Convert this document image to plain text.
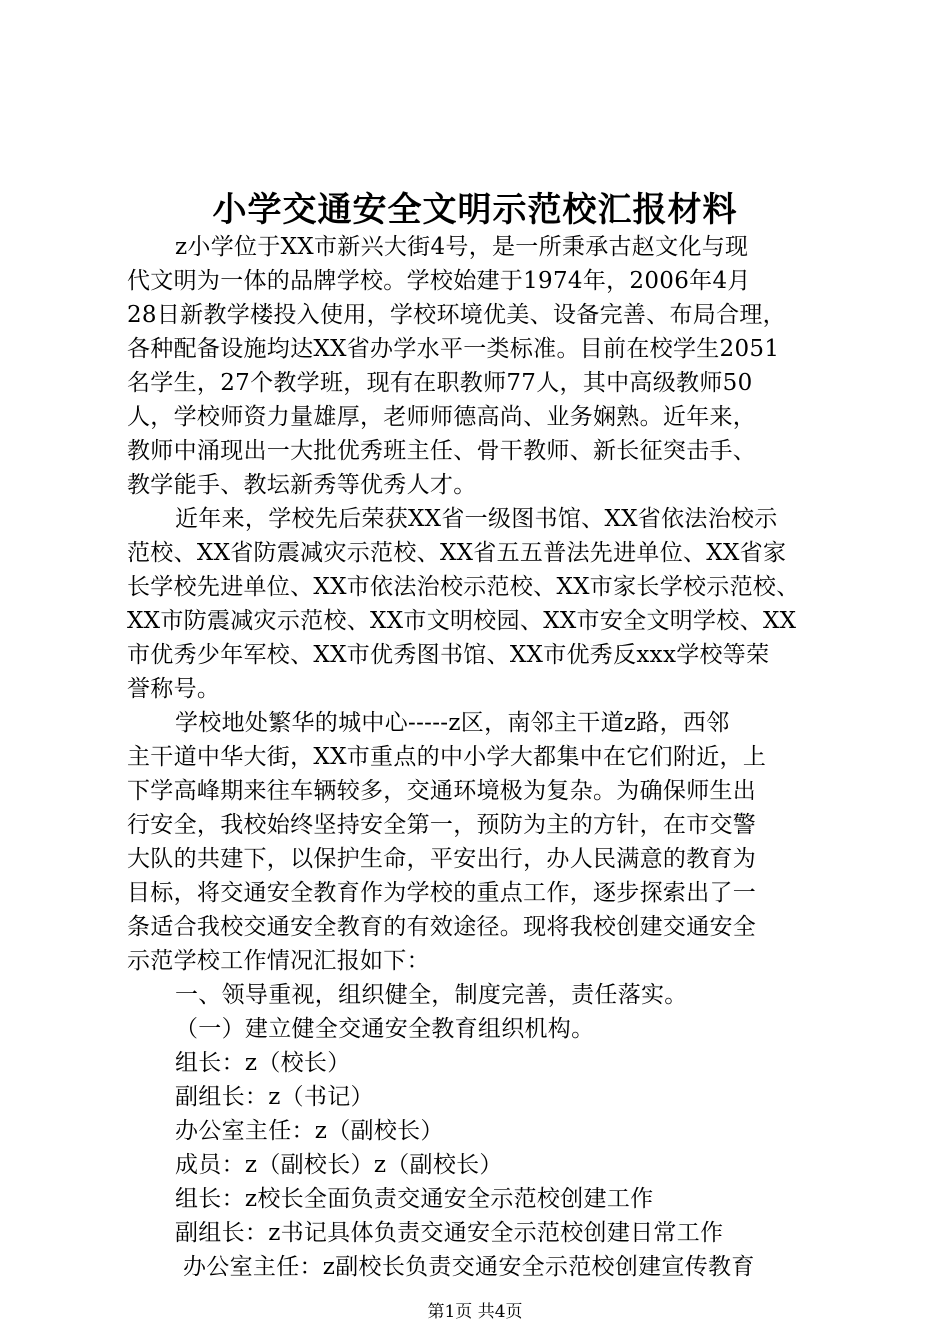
小学交通安全文明示范校汇报材料
z小学位于XX市新兴大街4号，是一所秉承古赵文化与现
代文明为一体的品牌学校。学校始建于1974年，2006年4月
28日新教学楼投入使用，学校环境优美、设备完善、布局合理，
各种配备设施均达XX省办学水平一类标准。目前在校学生2051
名学生，27个教学班，现有在职教师77人，其中高级教师50
人，学校师资力量雄厚，老师师德高尚、业务娴熟。近年来，
教师中涌现出一大批优秀班主任、骨干教师、新长征突击手、
教学能手、教坛新秀等优秀人才。
近年来，学校先后荣获XX省一级图书馆、XX省依法治校示
范校、XX省防震减灾示范校、XX省五五普法先进单位、XX省家
长学校先进单位、XX市依法治校示范校、XX市家长学校示范校、
XX市防震减灾示范校、XX市文明校园、XX市安全文明学校、XX
市优秀少年军校、XX市优秀图书馆、XX市优秀反xxx学校等荣
誉称号。
学校地处繁华的城中心-----z区，南邻主干道z路，西邻
主干道中华大街，XX市重点的中小学大都集中在它们附近，上
下学高峰期来往车辆较多，交通环境极为复杂。为确保师生出
行安全，我校始终坚持安全第一，预防为主的方针，在市交警
大队的共建下，以保护生命，平安出行，办人民满意的教育为
目标，将交通安全教育作为学校的重点工作，逐步探索出了一
条适合我校交通安全教育的有效途径。现将我校创建交通安全
示范学校工作情况汇报如下：
一、领导重视，组织健全，制度完善，责任落实。
（一）建立健全交通安全教育组织机构。
组长：z（校长）
副组长：z（书记）
办公室主任：z（副校长）
成员：z（副校长）z（副校长）
组长：z校长全面负责交通安全示范校创建工作
副组长：z书记具体负责交通安全示范校创建日常工作
办公室主任：z副校长负责交通安全示范校创建宣传教育
第1页 共4页
